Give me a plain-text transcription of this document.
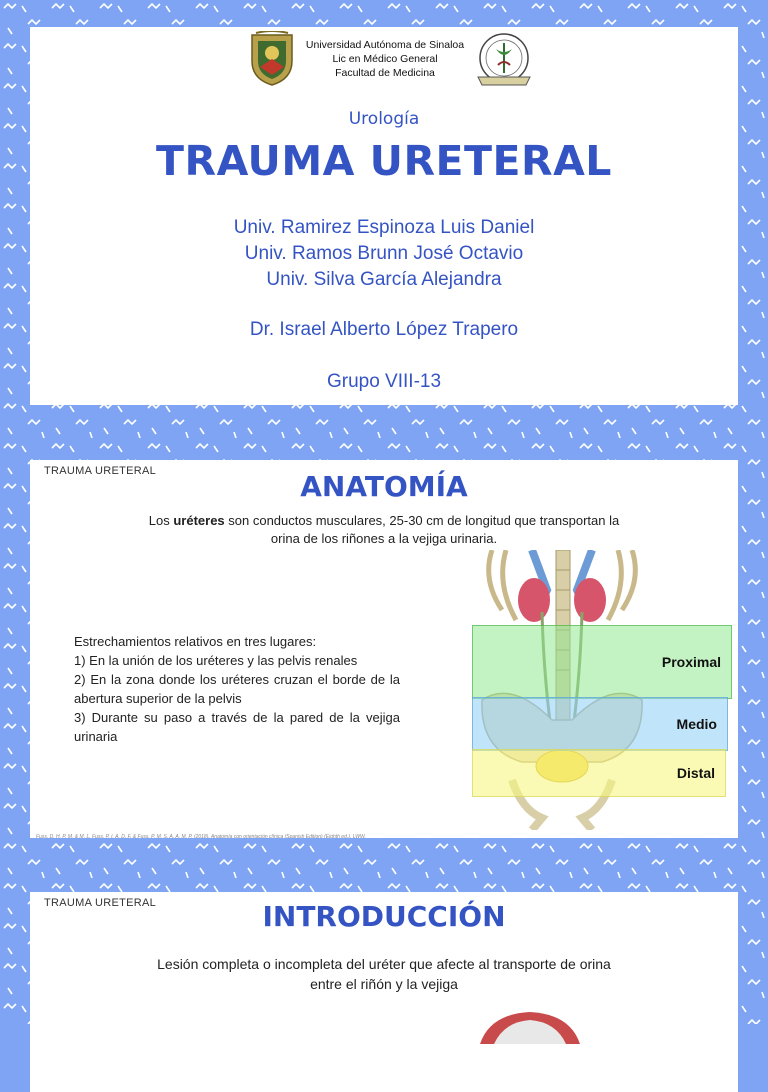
Universidad Autónoma de Sinaloa
Lic en Médico General
Facultad de Medicina
Urología
TRAUMA URETERAL
Univ. Ramirez Espinoza Luis Daniel
Univ. Ramos Brunn José Octavio
Univ. Silva García Alejandra
Dr. Israel Alberto López Trapero
Grupo VIII-13
TRAUMA URETERAL	ANATOMÍA
Los uréteres son conductos musculares, 25-30 cm de longitud que transportan la
orina de los riñones a la vejiga urinaria.
Estrechamientos relativos en tres lugares:
1) En la unión de los uréteres y las pelvis renales
2) En la zona donde los uréteres cruzan el borde de la abertura superior de la pelvis
3) Durante su paso a través de la pared de la vejiga urinaria
Proximal
Medio
Distal
Fuss, D. H. P. M. & M. L. Fuss, P. I. A. D. F. & Fuss, P. M. S. A. A. M. P. (2018). Anatomía con orientación clínica (Spanish Edition) (Eighth ed.). LWW.
TRAUMA URETERAL	INTRODUCCIÓN
Lesión completa o incompleta del uréter que afecte al transporte de orina
entre el riñón y la vejiga
